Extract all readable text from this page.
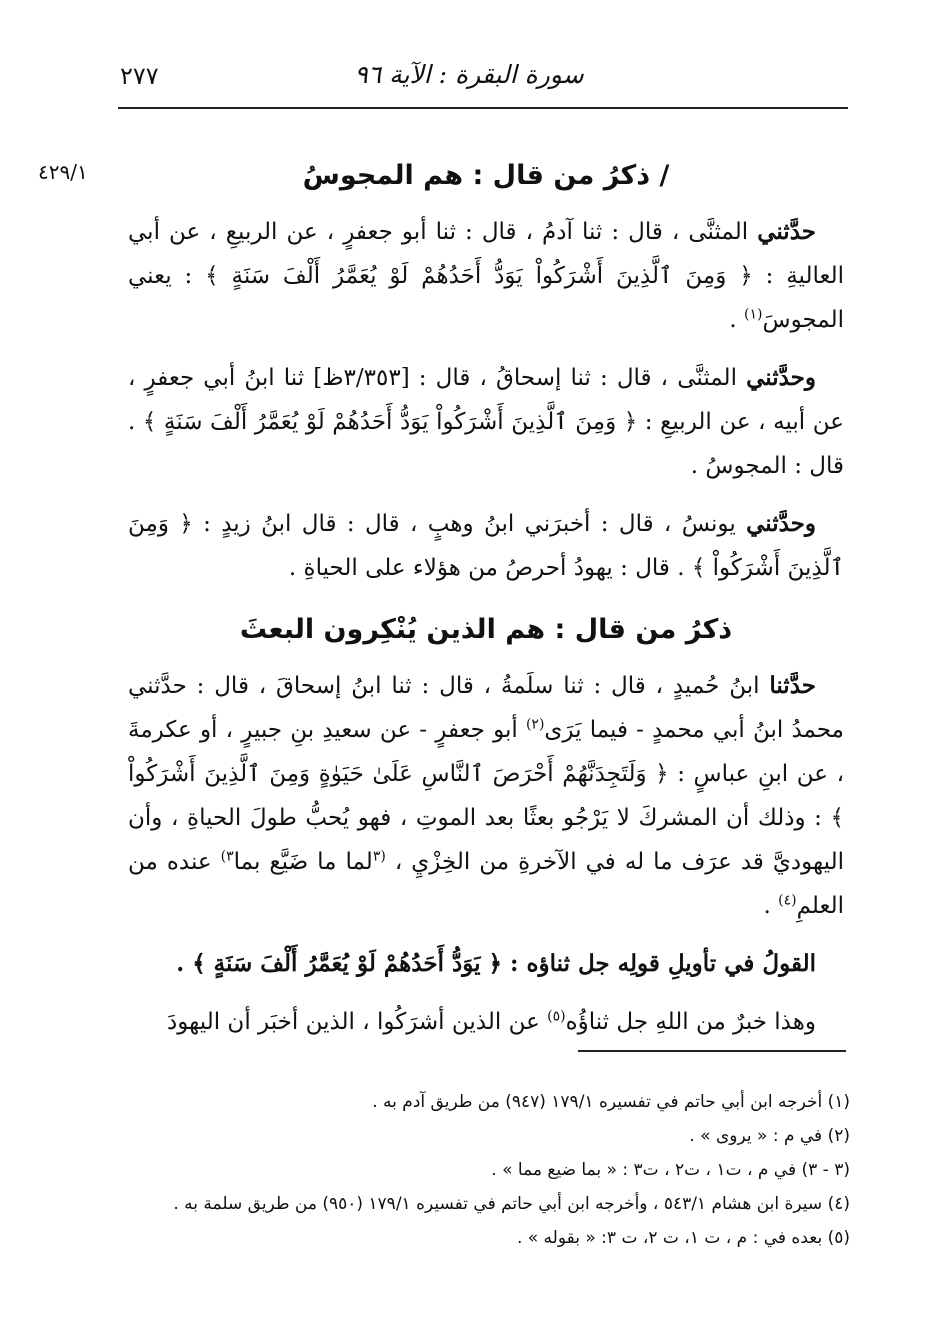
٢٧٧	سورة البقرة : الآية ٩٦
٤٢٩/١	/ ذكرُ من قال : هم المجوسُ

حدَّثني المثنَّى ، قال : ثنا آدمُ ، قال : ثنا أبو جعفرٍ ، عن الربيعِ ، عن أبي العاليةِ : ﴿ وَمِنَ ٱلَّذِينَ أَشْرَكُواْ يَوَدُّ أَحَدُهُمْ لَوْ يُعَمَّرُ أَلْفَ سَنَةٍ ﴾ : يعني المجوسَ$^{(١)}$ .

وحدَّثني المثنَّى ، قال : ثنا إسحاقُ ، قال : [٣/٣٥٣ظ] ثنا ابنُ أبي جعفرٍ ، عن أبيه ، عن الربيعِ : ﴿ وَمِنَ ٱلَّذِينَ أَشْرَكُواْ يَوَدُّ أَحَدُهُمْ لَوْ يُعَمَّرُ أَلْفَ سَنَةٍ ﴾ . قال : المجوسُ .

وحدَّثني يونسُ ، قال : أخبرَني ابنُ وهبٍ ، قال : قال ابنُ زيدٍ : ﴿ وَمِنَ ٱلَّذِينَ أَشْرَكُواْ ﴾ . قال : يهودُ أحرصُ من هؤلاء على الحياةِ .

ذكرُ من قال : هم الذين يُنْكِرون البعثَ

حدَّثنا ابنُ حُميدٍ ، قال : ثنا سلَمةُ ، قال : ثنا ابنُ إسحاقَ ، قال : حدَّثني محمدُ ابنُ أبي محمدٍ - فيما يَرَى$^{(٢)}$ أبو جعفرٍ - عن سعيدِ بنِ جبيرٍ ، أو عكرمةَ ، عن ابنِ عباسٍ : ﴿ وَلَتَجِدَنَّهُمْ أَحْرَصَ ٱلنَّاسِ عَلَىٰ حَيَوٰةٍ وَمِنَ ٱلَّذِينَ أَشْرَكُواْ ﴾ : وذلك أن المشركَ لا يَرْجُو بعثًا بعد الموتِ ، فهو يُحبُّ طولَ الحياةِ ، وأن اليهوديَّ قد عرَف ما له في الآخرةِ من الخِزْيِ ، $^{(٣}$لما ما ضَيَّع بما$^{٣)}$ عنده من العلمِ$^{(٤)}$ .

القولُ في تأويلِ قولِه جل ثناؤه : ﴿ يَوَدُّ أَحَدُهُمْ لَوْ يُعَمَّرُ أَلْفَ سَنَةٍ ﴾ .

وهذا خبرٌ من اللهِ جل ثناؤُه$^{(٥)}$ عن الذين أشرَكُوا ، الذين أخبَر أن اليهودَ

(١) أخرجه ابن أبي حاتم في تفسيره ١٧٩/١ (٩٤٧) من طريق آدم به .
(٢) في م : « يروى » .
(٣ - ٣) في م ، ت١ ، ت٢ ، ت٣ : « بما ضيع مما » .
(٤) سيرة ابن هشام ٥٤٣/١ ، وأخرجه ابن أبي حاتم في تفسيره ١٧٩/١ (٩٥٠) من طريق سلمة به .
(٥) بعده في : م ، ت ١، ت ٢، ت ٣: « بقوله » .
